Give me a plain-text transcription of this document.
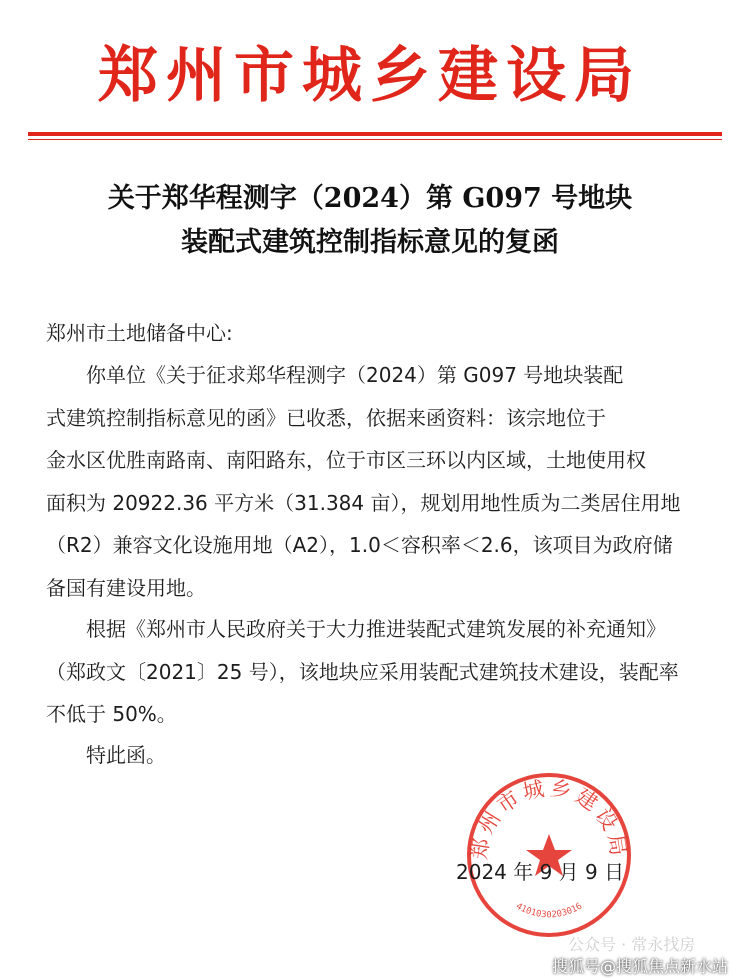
郑州市城乡建设局
关于郑华程测字（2024）第 G097 号地块
装配式建筑控制指标意见的复函
郑州市土地储备中心:
你单位《关于征求郑华程测字（2024）第 G097 号地块装配
式建筑控制指标意见的函》已收悉，依据来函资料：该宗地位于
金水区优胜南路南、南阳路东，位于市区三环以内区域，土地使用权
面积为 20922.36 平方米（31.384 亩），规划用地性质为二类居住用地
（R2）兼容文化设施用地（A2），1.0＜容积率＜2.6，该项目为政府储
备国有建设用地。
根据《郑州市人民政府关于大力推进装配式建筑发展的补充通知》
（郑政文〔2021〕25 号），该地块应采用装配式建筑技术建设，装配率
不低于 50%。
特此函。
郑州市城乡建设局
4101030203016
2024 年 9 月 9 日
公众号 · 常永找房
搜狐号@搜狐焦点新水站
